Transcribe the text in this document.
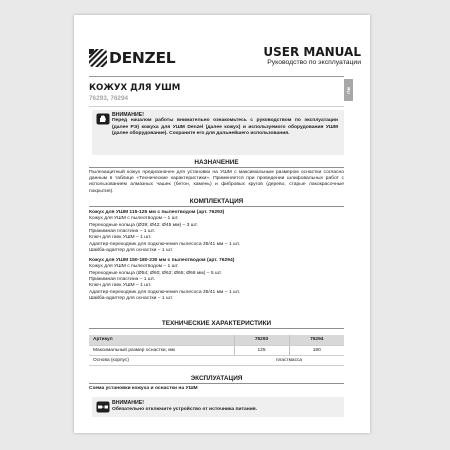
DENZEL	USER MANUAL
Руководство по эксплуатации
RU
КОЖУХ ДЛЯ УШМ
76293, 76294
ВНИМАНИЕ!
Перед началом работы внимательно ознакомьтесь с руководством по эксплуатации (далее РЭ) кожуха для УШМ Denzel (далее кожух) и используемого оборудования УШМ (далее оборудование). Сохраните его для дальнейшего использования.
НАЗНАЧЕНИЕ
Пылезащитный кожух предназначен для установки на УШМ с максимальным размером оснастки согласно данным в таблице «Технические характеристики». Применяется при проведении шлифовальных работ с использованием алмазных чашек (бетон, камень) и фибровых кругов (дерево, старые лакокрасочные покрытия).
КОМПЛЕКТАЦИЯ
Кожух для УШМ 115-125 мм с пылеотводом (арт. 76293)
Кожух для УШМ с пылеотводом – 1 шт.
Переходные кольца (Ø39; Ø42; Ø45 мм) – 3 шт.
Прижимная пластина – 1 шт.
Ключ для гаек УШМ – 1 шт.
Адаптер-переходник для подключения пылесоса 35/41 мм – 1 шт.
Шайба-адаптер для оснастки – 1 шт.
Кожух для УШМ 150-180-230 мм с пылеотводом (арт. 76294)
Кожух для УШМ с пылеотводом – 1 шт.
Переходные кольца (Ø54; Ø60; Ø62; Ø65; Ø68 мм) – 5 шт.
Прижимная пластина – 1 шт.
Ключ для гаек УШМ – 1 шт.
Адаптер-переходник для подключения пылесоса 35/41 мм – 1 шт.
Шайба-адаптер для оснастки – 1 шт.
ТЕХНИЧЕСКИЕ ХАРАКТЕРИСТИКИ
Артикул	76293	76294
Максимальный размер оснастки, мм	125	180
Основа (корпус)	пластмасса	
ЭКСПЛУАТАЦИЯ
Схема установки кожуха и оснастки на УШМ
ВНИМАНИЕ!
Обязательно отключите устройство от источника питания.
